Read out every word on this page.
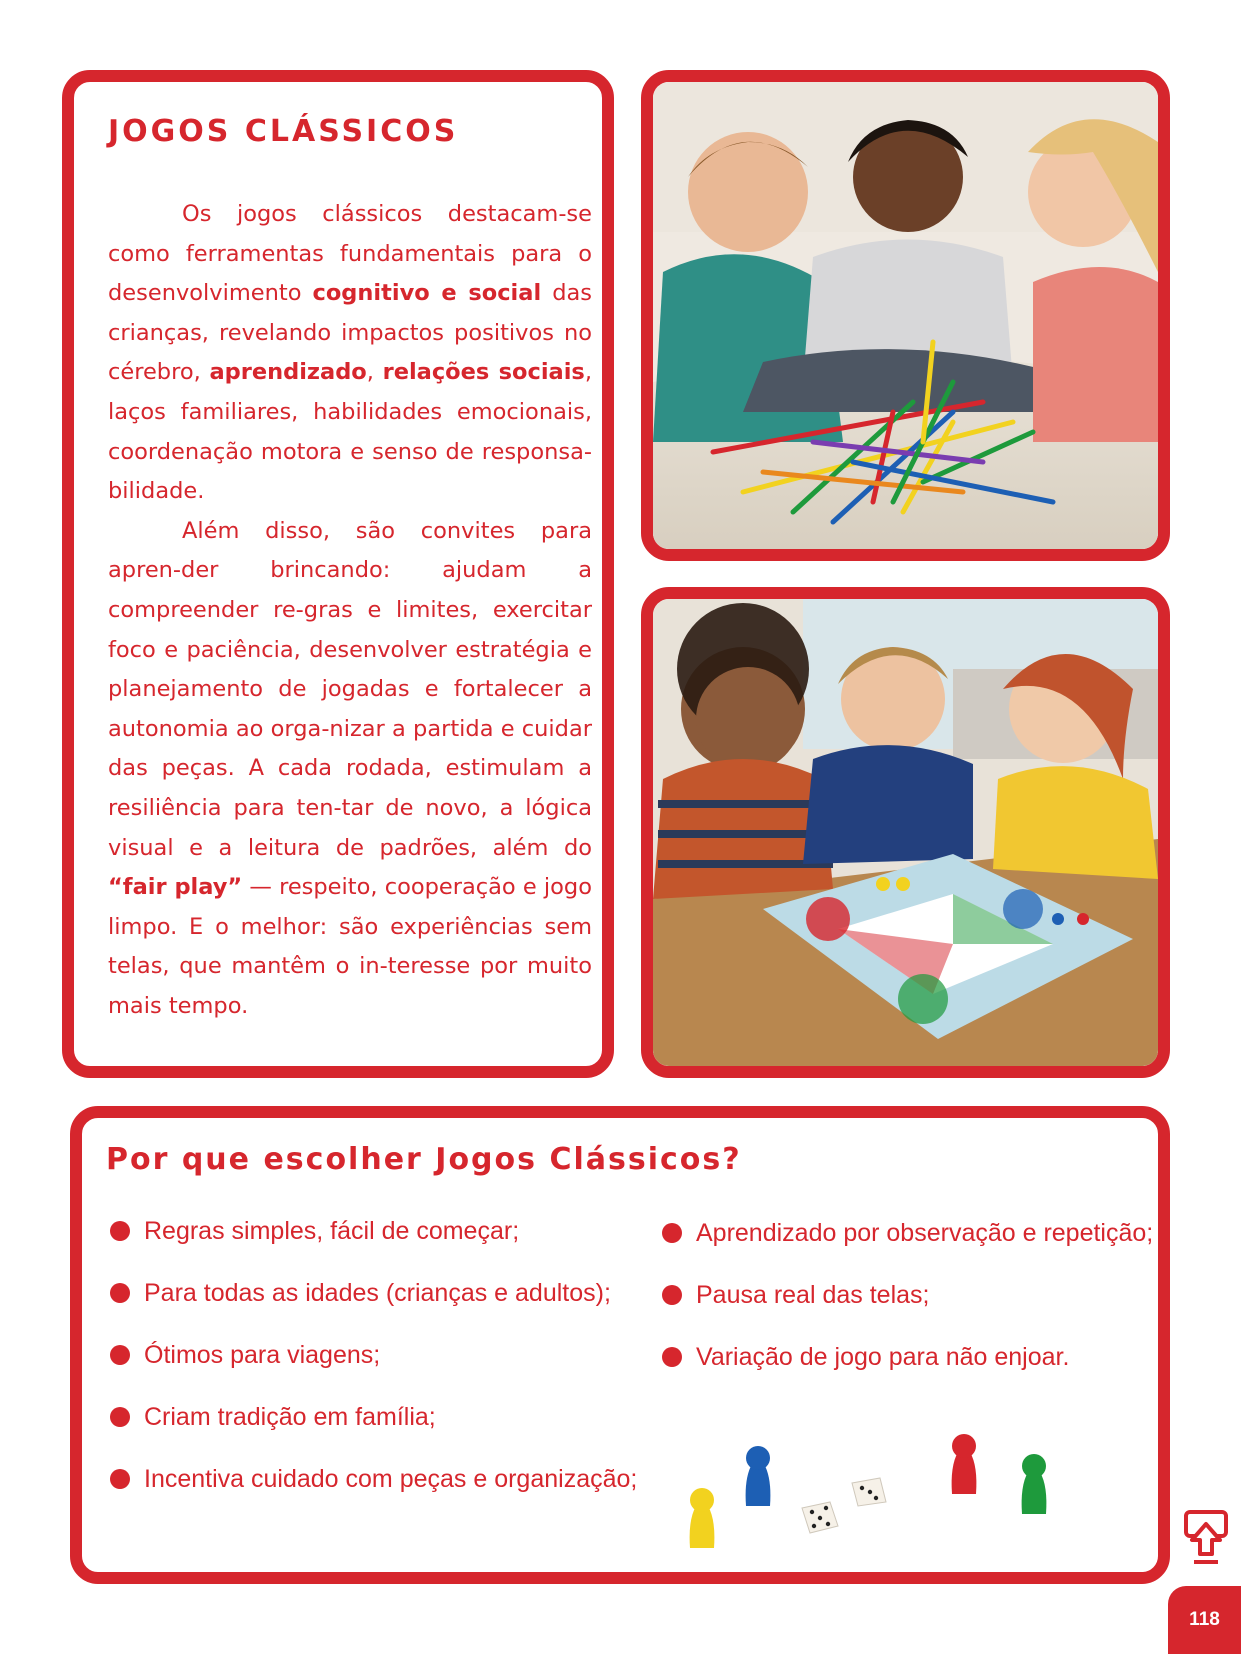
JOGOS CLÁSSICOS

Os jogos clássicos destacam-se como ferramentas fundamentais para o desenvolvimento cognitivo e social das crianças, revelando impactos positivos no cérebro, aprendizado, relações sociais, laços familiares, habilidades emocionais, coordenação motora e senso de responsa-bilidade.

Além disso, são convites para apren-der brincando: ajudam a compreender re-gras e limites, exercitar foco e paciência, desenvolver estratégia e planejamento de jogadas e fortalecer a autonomia ao orga-nizar a partida e cuidar das peças. A cada rodada, estimulam a resiliência para ten-tar de novo, a lógica visual e a leitura de padrões, além do “fair play” — respeito, cooperação e jogo limpo. E o melhor: são experiências sem telas, que mantêm o in-teresse por muito mais tempo.

Por que escolher Jogos Clássicos?
Regras simples, fácil de começar;
Para todas as idades (crianças e adultos);
Ótimos para viagens;
Criam tradição em família;
Incentiva cuidado com peças e organização;
Aprendizado por observação e repetição;
Pausa real das telas;
Variação de jogo para não enjoar.
118
